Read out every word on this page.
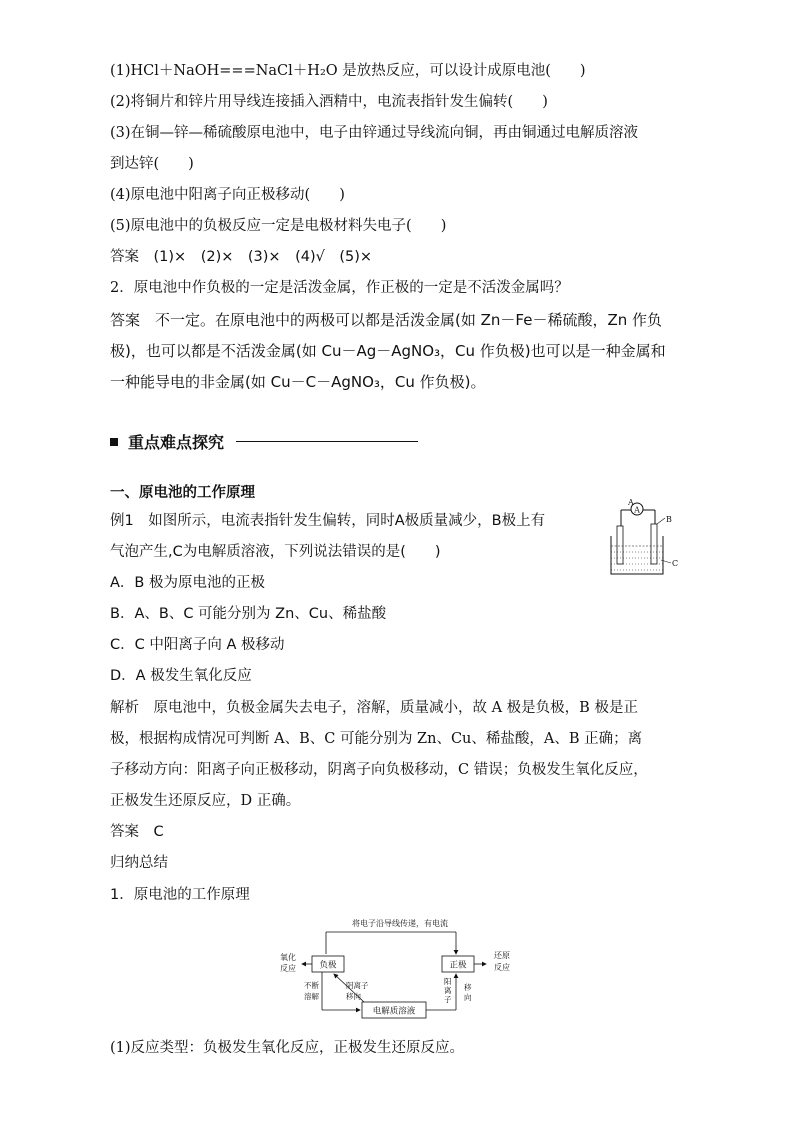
(1)HCl＋NaOH===NaCl＋H₂O 是放热反应，可以设计成原电池(　　)
(2)将铜片和锌片用导线连接插入酒精中，电流表指针发生偏转(　　)
(3)在铜—锌—稀硫酸原电池中，电子由锌通过导线流向铜，再由铜通过电解质溶液
到达锌(　　)
(4)原电池中阳离子向正极移动(　　)
(5)原电池中的负极反应一定是电极材料失电子(　　)
答案　(1)×　(2)×　(3)×　(4)√　(5)×
2．原电池中作负极的一定是活泼金属，作正极的一定是不活泼金属吗？
答案　不一定。在原电池中的两极可以都是活泼金属(如 Zn－Fe－稀硫酸，Zn 作负
极)，也可以都是不活泼金属(如 Cu－Ag－AgNO₃，Cu 作负极)也可以是一种金属和
一种能导电的非金属(如 Cu－C－AgNO₃，Cu 作负极)。
重点难点探究
一、原电池的工作原理
例1　如图所示，电流表指针发生偏转，同时A极质量减少，B极上有
气泡产生,C为电解质溶液，下列说法错误的是(　　)
A
A
B
C
A．B 极为原电池的正极
B．A、B、C 可能分别为 Zn、Cu、稀盐酸
C．C 中阳离子向 A 极移动
D．A 极发生氧化反应
解析　原电池中，负极金属失去电子，溶解，质量减小，故 A 极是负极，B 极是正
极，根据构成情况可判断 A、B、C 可能分别为 Zn、Cu、稀盐酸，A、B 正确；离
子移动方向：阳离子向正极移动，阴离子向负极移动，C 错误；负极发生氧化反应，
正极发生还原反应，D 正确。
答案　C
归纳总结
1．原电池的工作原理
将电子沿导线传递，有电流
负极	正极
氧化
反应
还原
反应
电解质溶液
不断
溶解
阴离子
移向
阳
离
子
移
向
(1)反应类型：负极发生氧化反应，正极发生还原反应。
